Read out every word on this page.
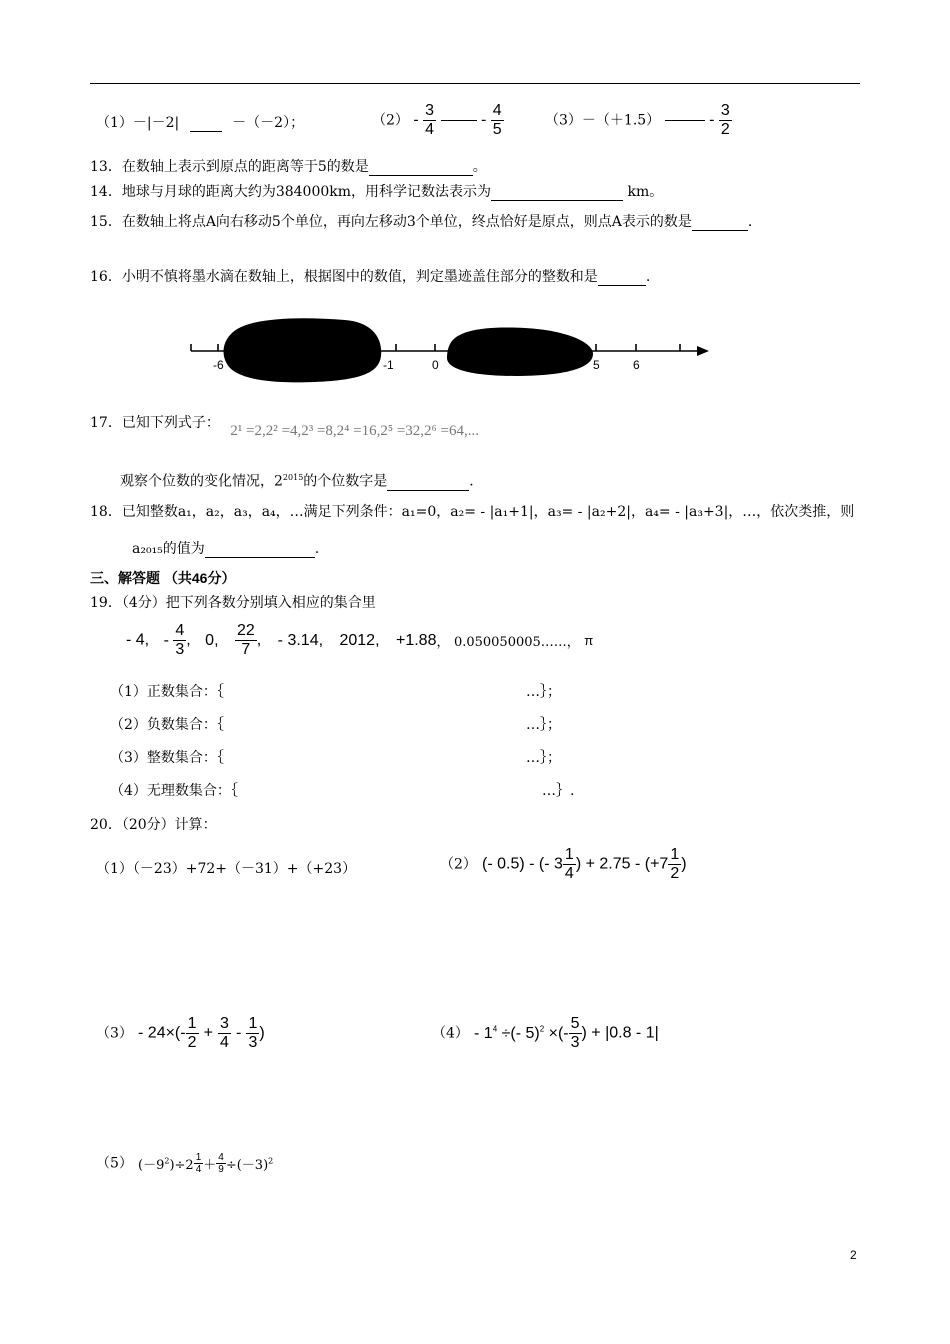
（1）－|－2|	－（－2）；	$(2) - \frac{3}{4}$	- $\frac{4}{5}$	（3）－（＋1.5）	- $\frac{3}{2}$
13．在数轴上表示到原点的距离等于5的数是	。
14．地球与月球的距离大约为384000km，用科学记数法表示为	km。
15．在数轴上将点A向右移动5个单位，再向左移动3个单位，终点恰好是原点，则点A表示的数是	.
16．小明不慎将墨水滴在数轴上，根据图中的数值，判定墨迹盖住部分的整数和是	.
-6	-1	0	5	6
17．已知下列式子： 2¹ =2,2² =4,2³ =8,2⁴ =16,2⁵ =32,2⁶ =64,...
观察个位数的变化情况，$2^{2015}$的个位数字是	.
18．已知整数a₁，a₂，a₃，a₄，…满足下列条件：a₁=0，a₂= - |a₁+1|，a₃= - |a₂+2|，a₄= - |a₃+3|，…，依次类推，则
a₂₀₁₅的值为	.
三、解答题 （共46分）
19．（4分）把下列各数分别填入相应的集合里
- 4, - $\frac{4}{3}$ , 0, $\frac{22}{7}$ , - 3.14, 2012, +1.88， 0.050050005……， π
（1）正数集合：｛	…｝；
（2）负数集合：｛	…｝；
（3）整数集合：｛	…｝；
（4）无理数集合：｛	…｝.
20．（20分）计算：
（1）（－23）+72+（－31）+（+23）	（2） (- 0.5) - (- $3 \frac{1}{4}$ ) + $2.75 - (+7 \frac{1}{2}$ )
$(3) - 24\times(- \frac{1}{2} + \frac{3}{4} - \frac{1}{3}$ )	$(4) - 1^4$ ÷(- 5)$^2$ ×(- $\frac{5}{3}$ ) + |0.8 - 1|
（5） $(-9^2)\div 2 \frac{1}{4} + \frac{4}{9} \div(-3)^2$
2
